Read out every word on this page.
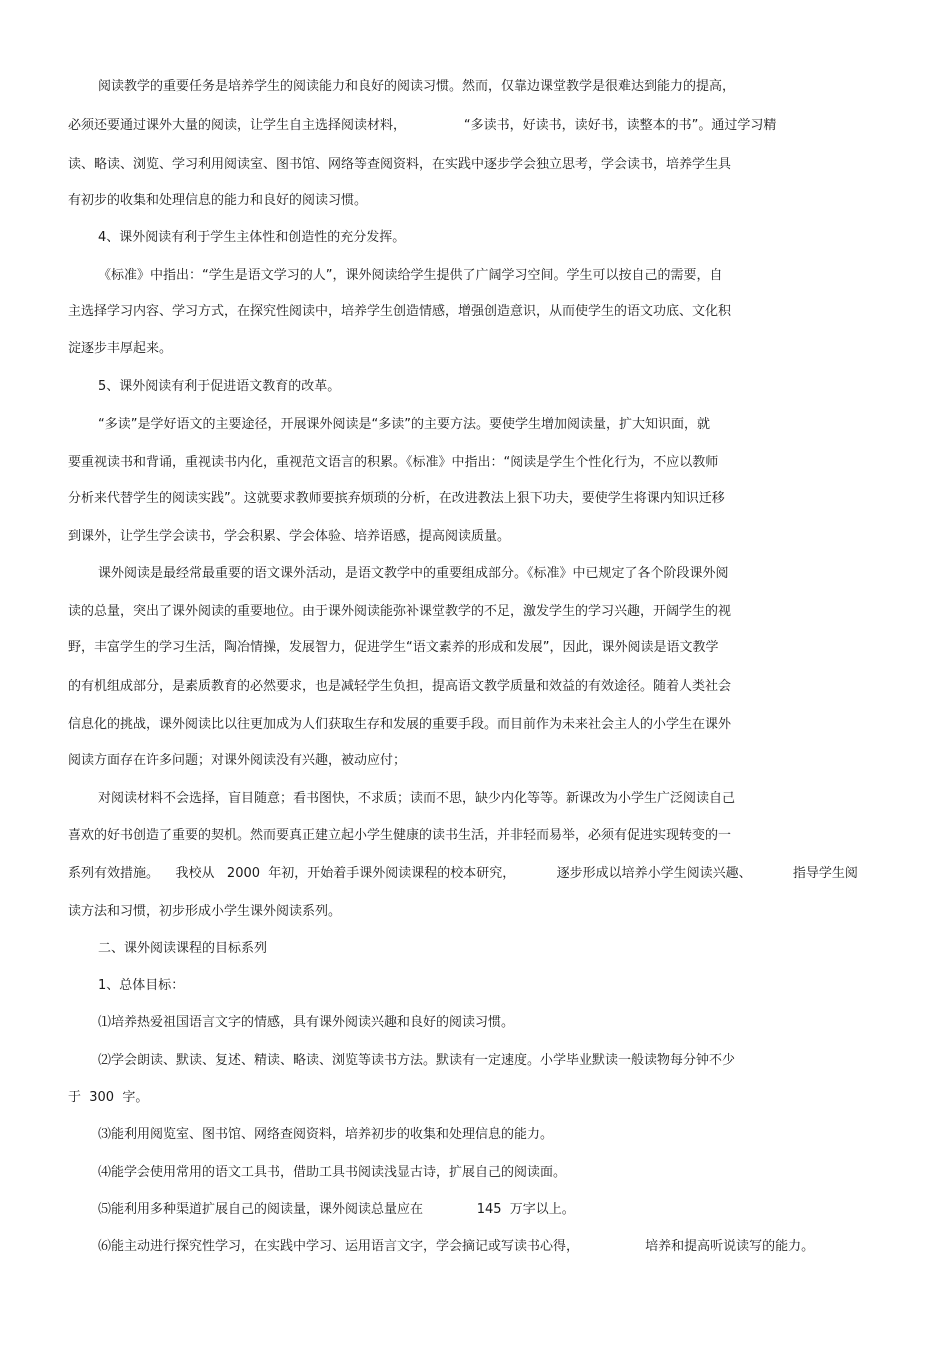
阅读教学的重要任务是培养学生的阅读能力和良好的阅读习惯。然而，仅靠边课堂教学是很难达到能力的提高，
必须还要通过课外大量的阅读，让学生自主选择阅读材料，              “多读书，好读书，读好书，读整本的书”。通过学习精
读、略读、浏览、学习利用阅读室、图书馆、网络等查阅资料，在实践中逐步学会独立思考，学会读书，培养学生具
有初步的收集和处理信息的能力和良好的阅读习惯。
4、课外阅读有利于学生主体性和创造性的充分发挥。
《标准》中指出：“学生是语文学习的人”，课外阅读给学生提供了广阔学习空间。学生可以按自己的需要，自
主选择学习内容、学习方式，在探究性阅读中，培养学生创造情感，增强创造意识，从而使学生的语文功底、文化积
淀逐步丰厚起来。
5、课外阅读有利于促进语文教育的改革。
“多读”是学好语文的主要途径，开展课外阅读是“多读”的主要方法。要使学生增加阅读量，扩大知识面，就
要重视读书和背诵，重视读书内化，重视范文语言的积累。《标准》中指出：“阅读是学生个性化行为，不应以教师
分析来代替学生的阅读实践”。这就要求教师要摈弃烦琐的分析，在改进教法上狠下功夫，要使学生将课内知识迁移
到课外，让学生学会读书，学会积累、学会体验、培养语感，提高阅读质量。
课外阅读是最经常最重要的语文课外活动，是语文教学中的重要组成部分。《标准》中已规定了各个阶段课外阅
读的总量，突出了课外阅读的重要地位。由于课外阅读能弥补课堂教学的不足，激发学生的学习兴趣，开阔学生的视
野，丰富学生的学习生活，陶冶情操，发展智力，促进学生“语文素养的形成和发展”，因此，课外阅读是语文教学
的有机组成部分，是素质教育的必然要求，也是减轻学生负担，提高语文教学质量和效益的有效途径。随着人类社会
信息化的挑战，课外阅读比以往更加成为人们获取生存和发展的重要手段。而目前作为未来社会主人的小学生在课外
阅读方面存在许多问题；对课外阅读没有兴趣，被动应付；
对阅读材料不会选择，盲目随意；看书图快，不求质；读而不思，缺少内化等等。新课改为小学生广泛阅读自己
喜欢的好书创造了重要的契机。然而要真正建立起小学生健康的读书生活，并非轻而易举，必须有促进实现转变的一
系列有效措施。    我校从   2000  年初，开始着手课外阅读课程的校本研究，          逐步形成以培养小学生阅读兴趣、          指导学生阅
读方法和习惯，初步形成小学生课外阅读系列。
二、课外阅读课程的目标系列
1、总体目标：
⑴培养热爱祖国语言文字的情感，具有课外阅读兴趣和良好的阅读习惯。
⑵学会朗读、默读、复述、精读、略读、浏览等读书方法。默读有一定速度。小学毕业默读一般读物每分钟不少
于  300  字。
⑶能利用阅览室、图书馆、网络查阅资料，培养初步的收集和处理信息的能力。
⑷能学会使用常用的语文工具书，借助工具书阅读浅显古诗，扩展自己的阅读面。
⑸能利用多种渠道扩展自己的阅读量，课外阅读总量应在             145  万字以上。
⑹能主动进行探究性学习，在实践中学习、运用语言文字，学会摘记或写读书心得，                培养和提高听说读写的能力。
